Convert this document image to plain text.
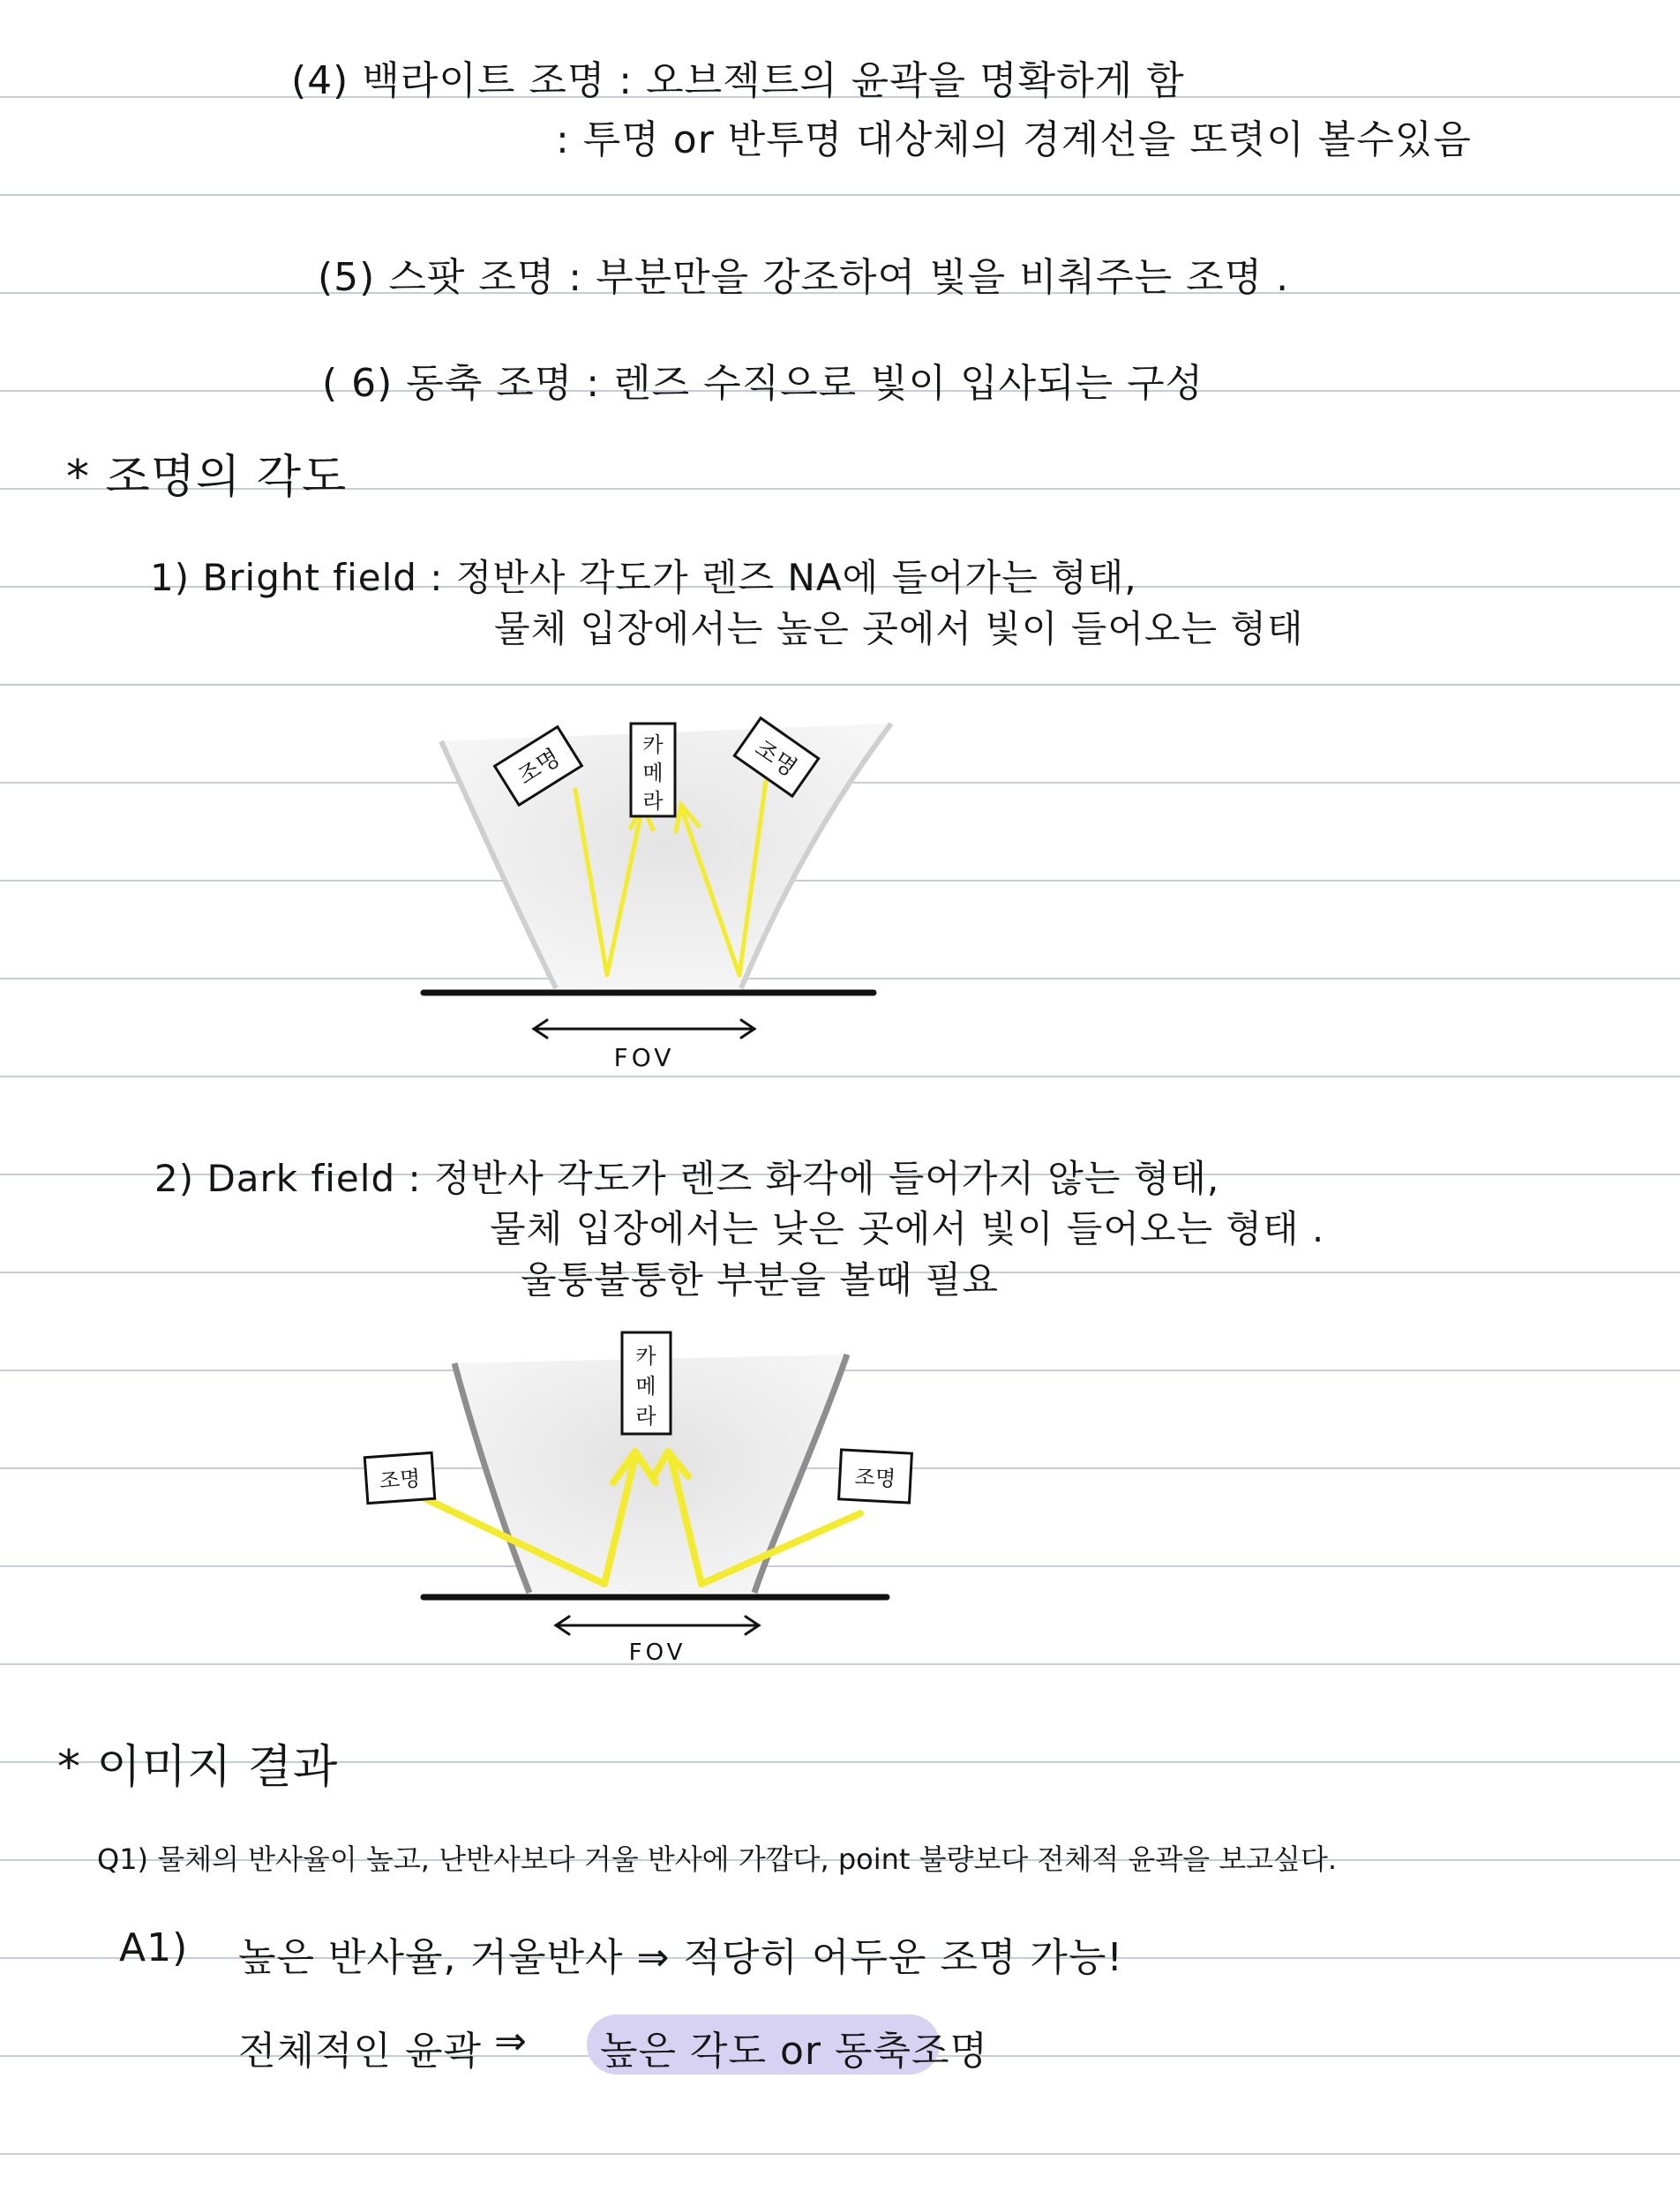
(4) 백라이트 조명 : 오브젝트의 윤곽을 명확하게 함
: 투명 or 반투명 대상체의 경계선을 또렷이 볼수있음
(5) 스팟 조명 : 부분만을 강조하여 빛을 비춰주는 조명 .
( 6) 동축 조명 : 렌즈 수직으로 빛이 입사되는 구성
* 조명의 각도
1) Bright field : 정반사 각도가 렌즈 NA에 들어가는 형태,
물체 입장에서는 높은 곳에서 빛이 들어오는 형태
조명	카
메
라
조명
FOV
2) Dark field : 정반사 각도가 렌즈 화각에 들어가지 않는 형태,
물체 입장에서는 낮은 곳에서 빛이 들어오는 형태 .
울퉁불퉁한 부분을 볼때 필요
조명
카
메
라
조명
FOV
* 이미지 결과
Q1) 물체의 반사율이 높고, 난반사보다 거울 반사에 가깝다, point 불량보다 전체적 윤곽을 보고싶다.
A1) 높은 반사율, 거울반사 ⇒ 적당히 어두운 조명 가능!
전체적인 윤곽 ⇒ 높은 각도 or 동축조명
